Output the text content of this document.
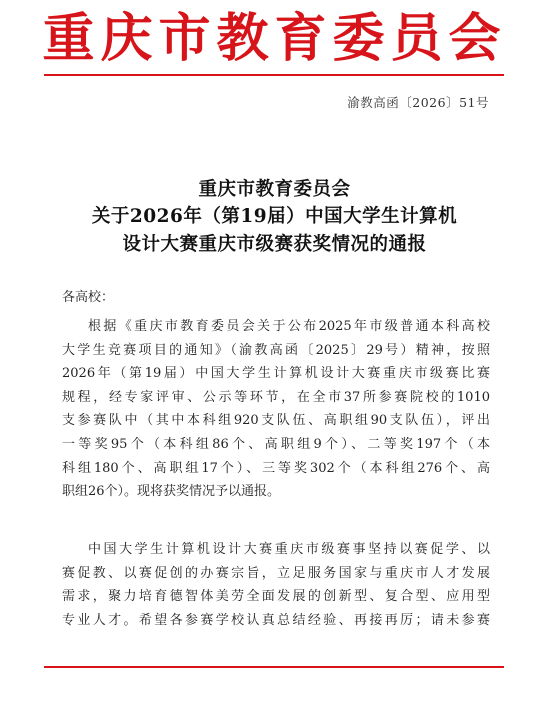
重庆市教育委员会
渝教高函〔2026〕51号
重庆市教育委员会
关于2026年（第19届）中国大学生计算机
设计大赛重庆市级赛获奖情况的通报
各高校：
根据《重庆市教育委员会关于公布2025年市级普通本科高校
大学生竞赛项目的通知》（渝教高函〔2025〕29号）精神，按照
2026年（第19届）中国大学生计算机设计大赛重庆市级赛比赛
规程，经专家评审、公示等环节，在全市37所参赛院校的1010
支参赛队中（其中本科组920支队伍、高职组90支队伍），评出
一等奖95个（本科组86个、高职组9个）、二等奖197个（本
科组180个、高职组17个）、三等奖302个（本科组276个、高
职组26个）。现将获奖情况予以通报。
中国大学生计算机设计大赛重庆市级赛事坚持以赛促学、以
赛促教、以赛促创的办赛宗旨，立足服务国家与重庆市人才发展
需求，聚力培育德智体美劳全面发展的创新型、复合型、应用型
专业人才。希望各参赛学校认真总结经验、再接再厉；请未参赛
